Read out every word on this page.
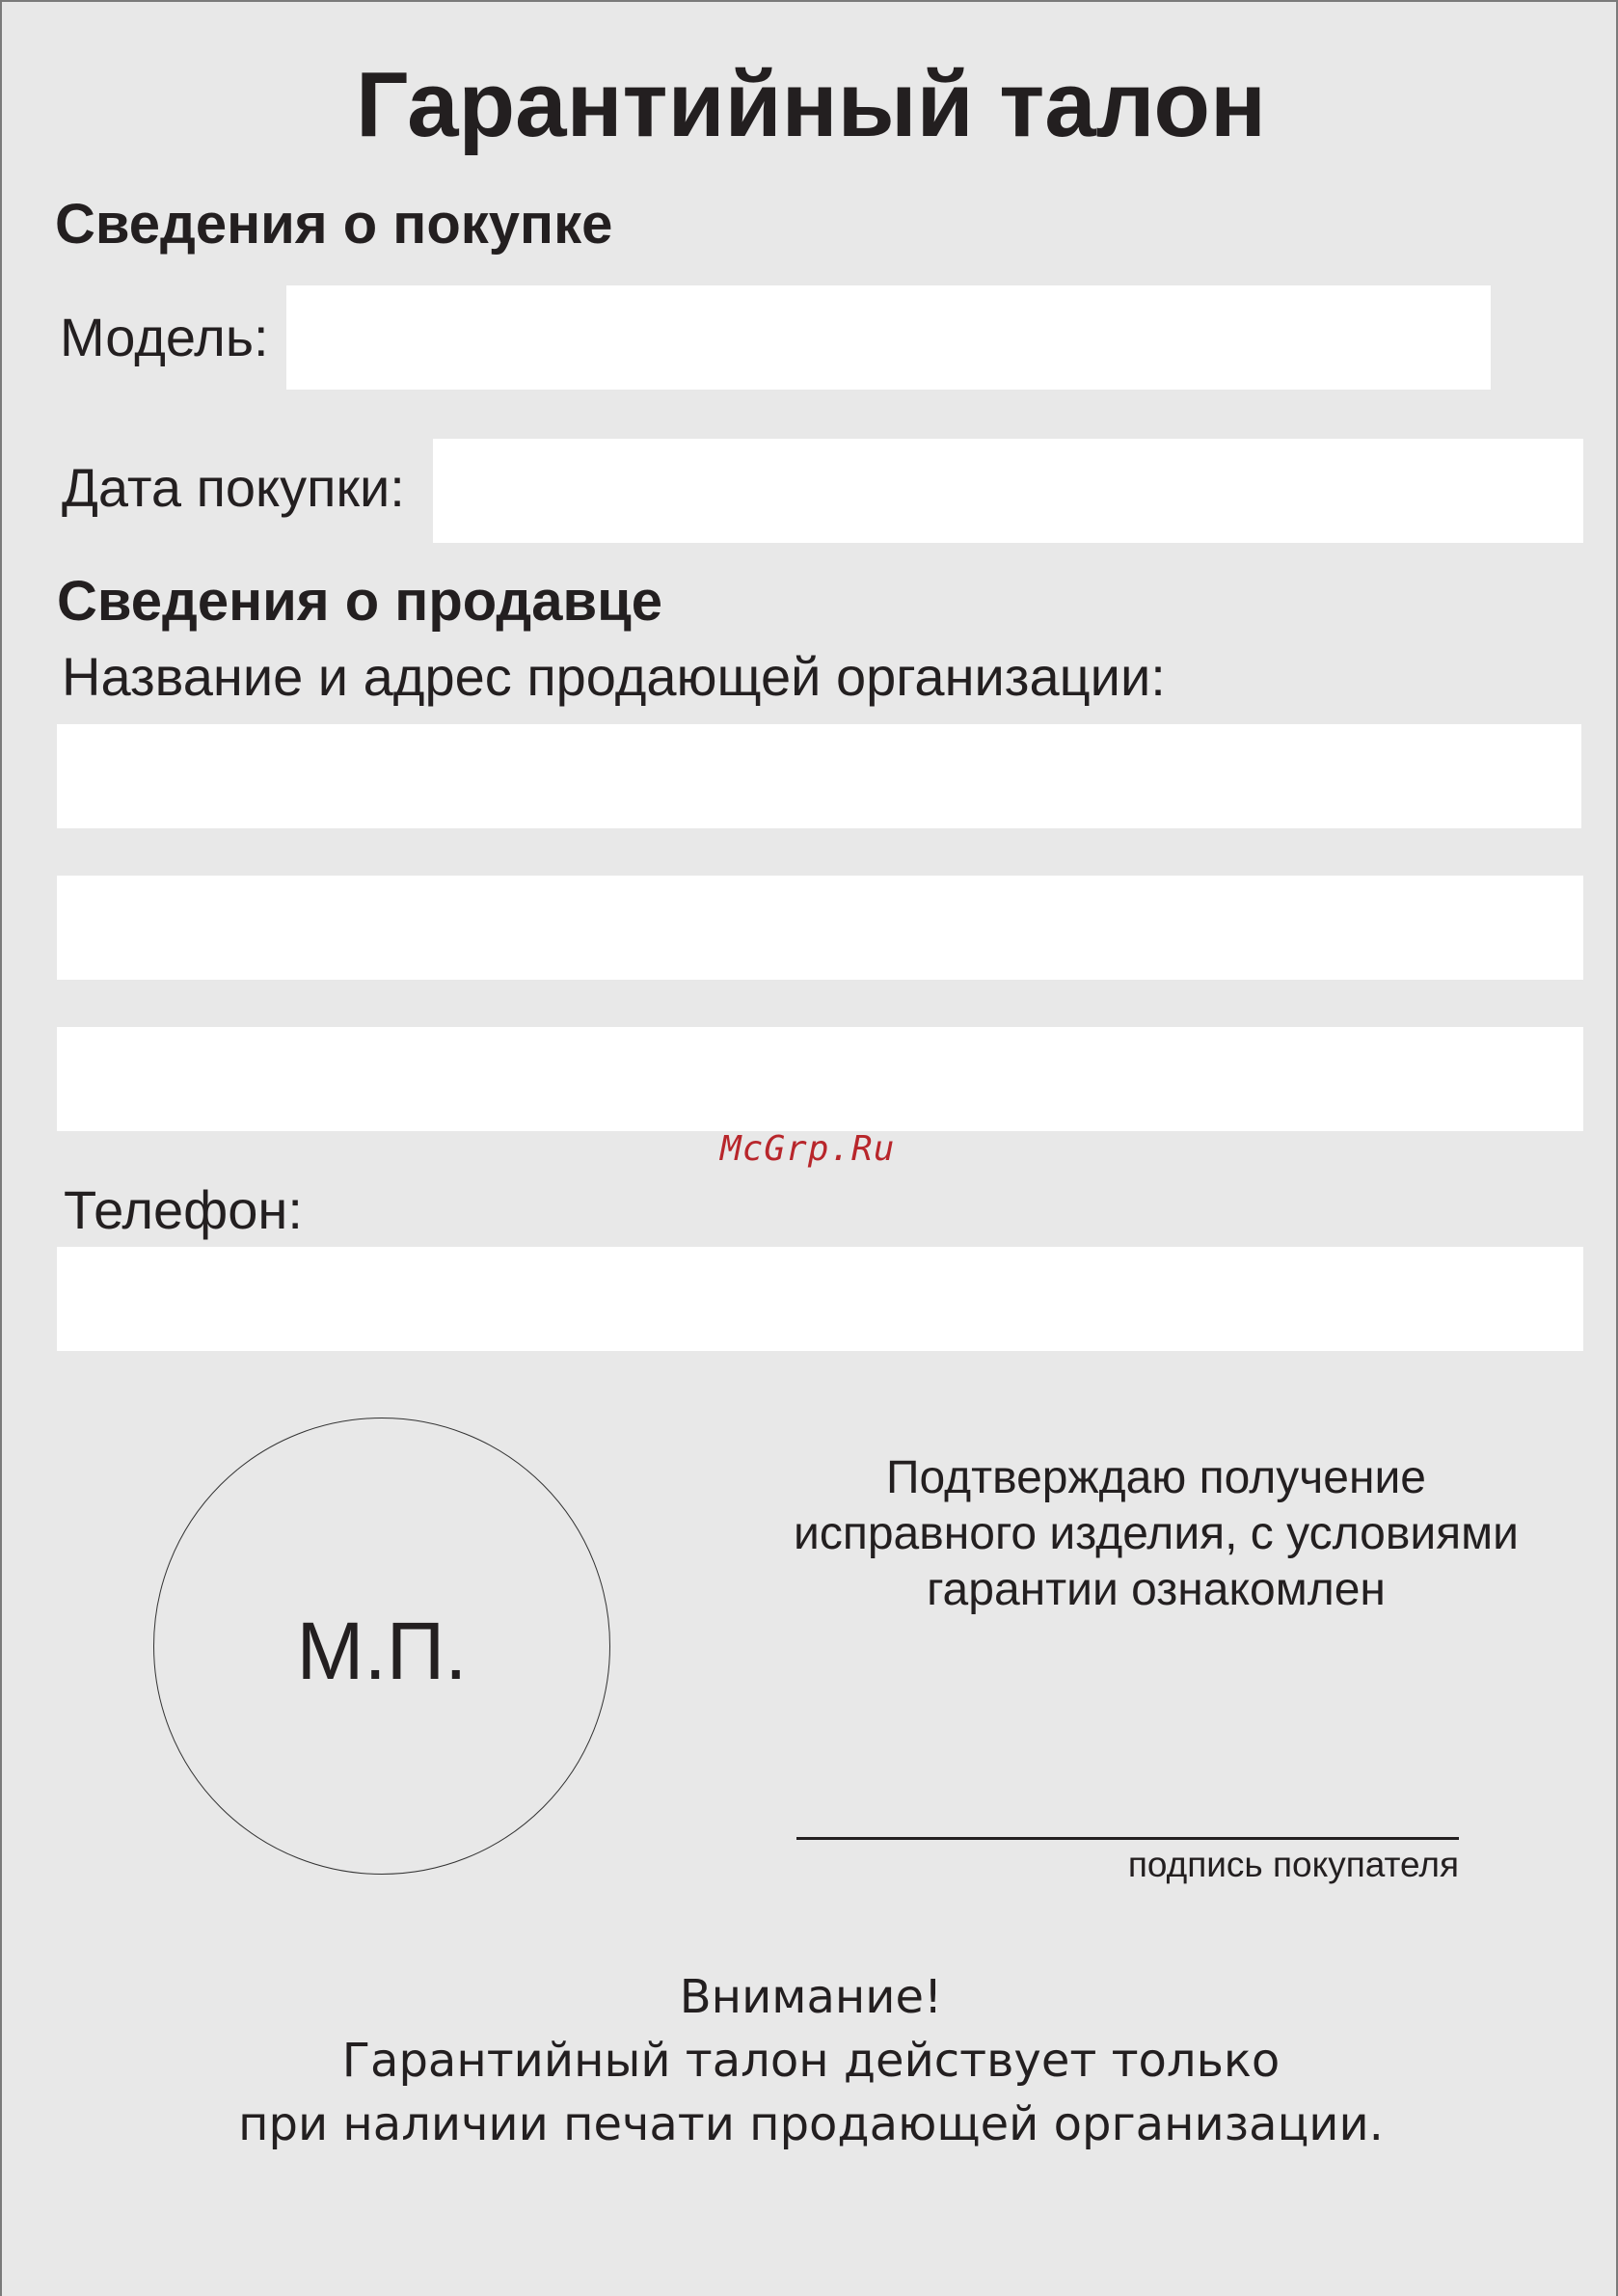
Гарантийный талон
Сведения о покупке
Модель:
Дата покупки:
Сведения о продавце
Название и адрес продающей организации:
McGrp.Ru
Телефон:
М.П.
Подтверждаю получение
исправного изделия, с условиями
гарантии ознакомлен
подпись покупателя
Внимание!
Гарантийный талон действует только
при наличии печати продающей организации.
